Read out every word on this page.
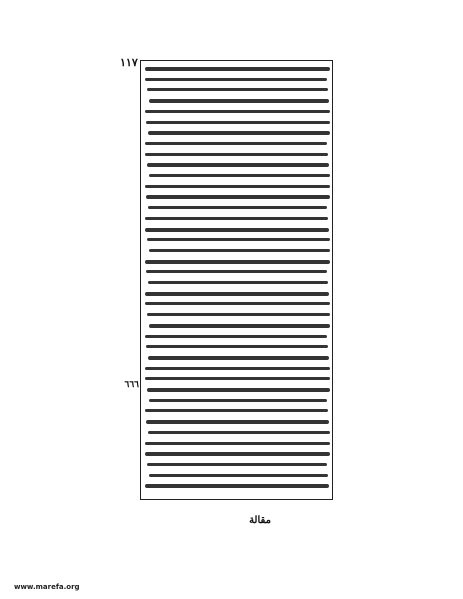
١١٧
٦٦٦
مقالة
www.marefa.org
